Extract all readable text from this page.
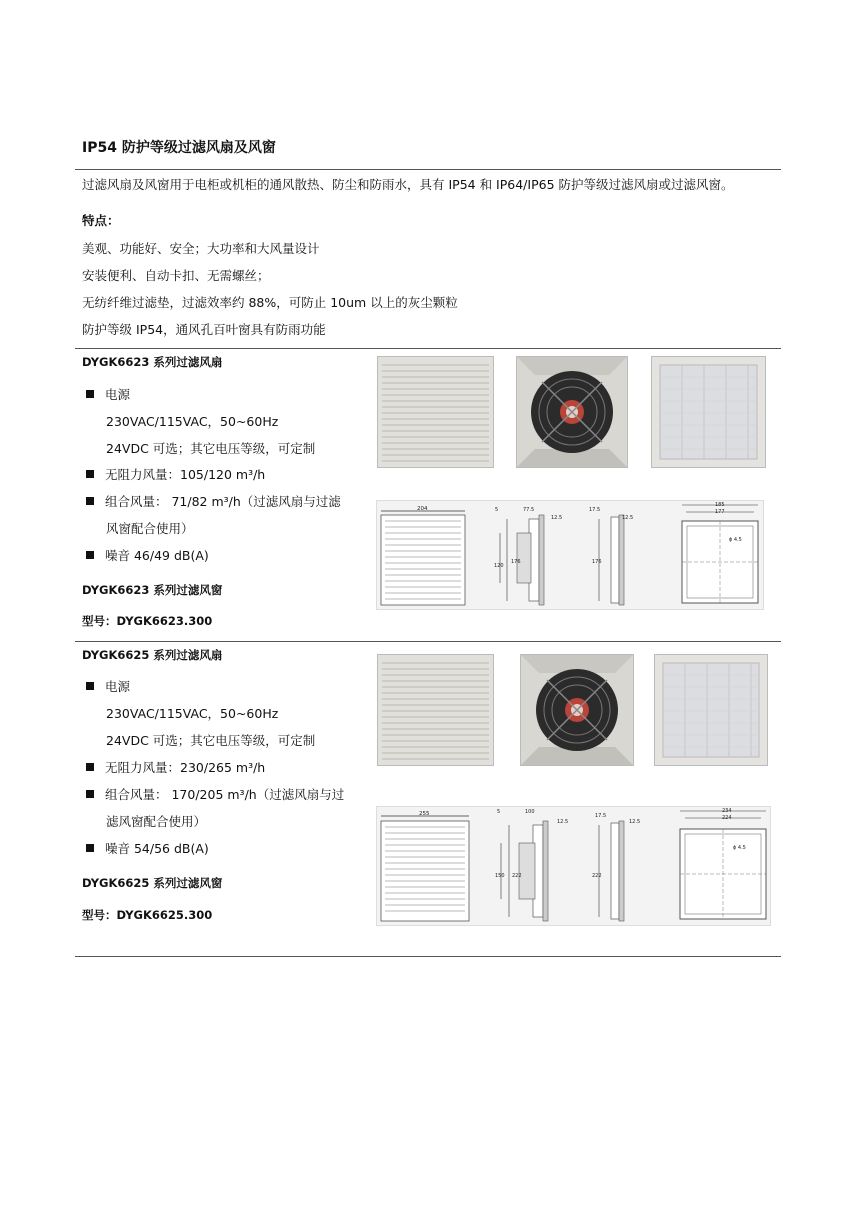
IP54 防护等级过滤风扇及风窗
过滤风扇及风窗用于电柜或机柜的通风散热、防尘和防雨水，具有 IP54 和 IP64/IP65 防护等级过滤风扇或过滤风窗。
特点：
美观、功能好、安全；大功率和大风量设计
安装便利、自动卡扣、无需螺丝；
无纺纤维过滤垫，过滤效率约 88%，可防止 10um 以上的灰尘颗粒
防护等级 IP54，通风孔百叶窗具有防雨功能
DYGK6623 系列过滤风扇
电源
230VAC/115VAC，50~60Hz
24VDC 可选；其它电压等级，可定制
无阻力风量：105/120 m³/h
组合风量： 71/82 m³/h（过滤风扇与过滤
风窗配合使用）
噪音 46/49 dB(A)
DYGK6623 系列过滤风窗
型号：DYGK6623.300
204	5	77.5
12.5
176
120
17.5
12.5
176
185
177
ϕ 4.5
DYGK6625 系列过滤风扇
电源
230VAC/115VAC，50~60Hz
24VDC 可选；其它电压等级，可定制
无阻力风量：230/265 m³/h
组合风量： 170/205 m³/h（过滤风扇与过
滤风窗配合使用）
噪音 54/56 dB(A)
DYGK6625 系列过滤风窗
型号：DYGK6625.300
255	5	100
12.5
222
150
17.5
12.5
222
234
224
ϕ 4.5
